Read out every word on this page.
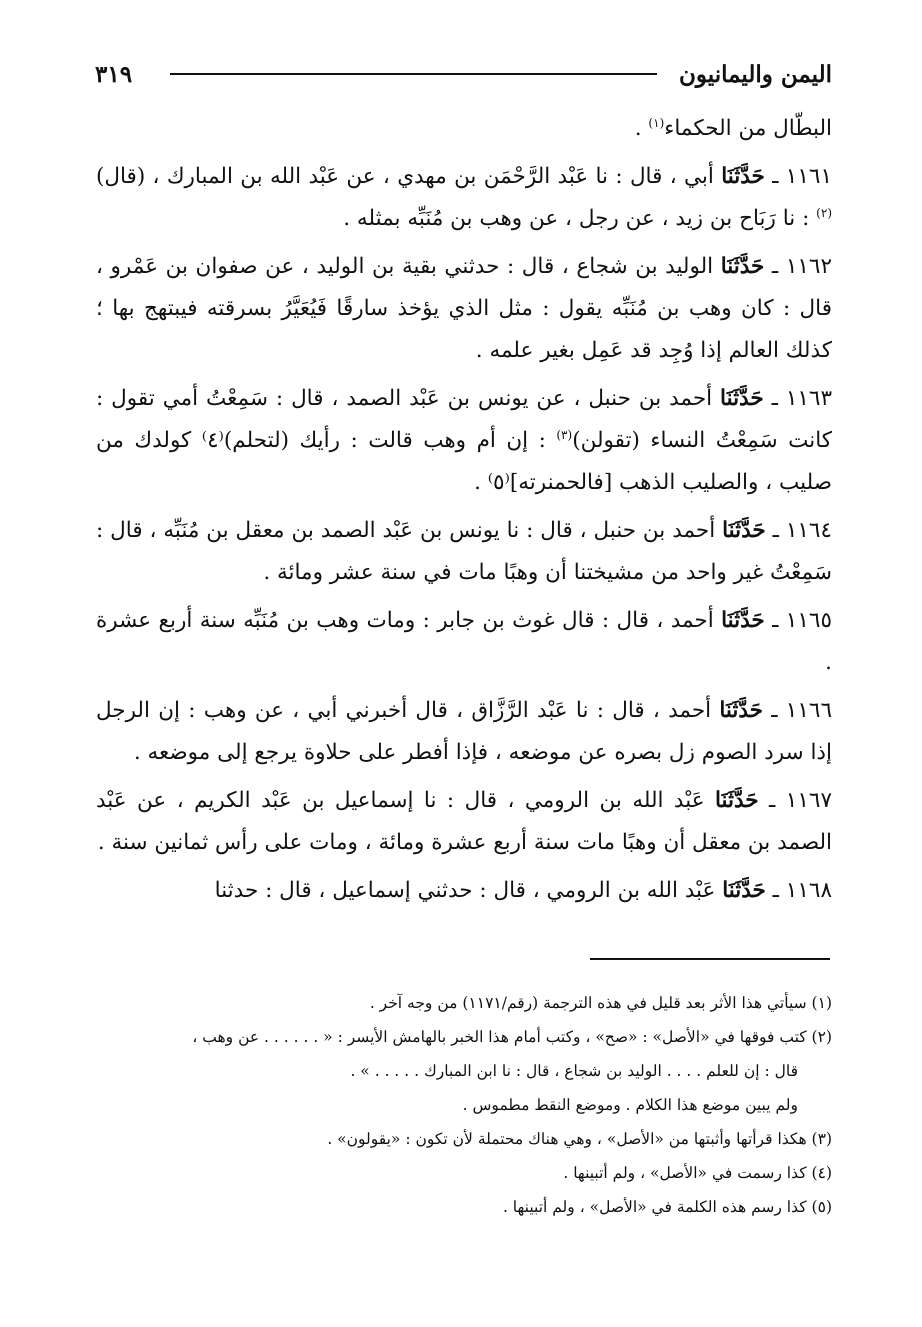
اليمن واليمانيون
٣١٩

البطّال من الحكماء$^{(١)}$ .

١١٦١ ـ حَدَّثَنَا أبي ، قال : نا عَبْد الرَّحْمَن بن مهدي ، عن عَبْد الله بن المبارك ، (قال)$^{(٢)}$ : نا رَبَاح بن زيد ، عن رجل ، عن وهب بن مُنَبِّه بمثله .

١١٦٢ ـ حَدَّثَنَا الوليد بن شجاع ، قال : حدثني بقية بن الوليد ، عن صفوان بن عَمْرو ، قال : كان وهب بن مُنَبِّه يقول : مثل الذي يؤخذ سارقًا فَيُعَيَّرُ بسرقته فيبتهج بها ؛ كذلك العالم إذا وُجِد قد عَمِل بغير علمه .

١١٦٣ ـ حَدَّثَنَا أحمد بن حنبل ، عن يونس بن عَبْد الصمد ، قال : سَمِعْتُ أمي تقول : كانت سَمِعْتُ النساء (تقولن)$^{(٣)}$ : إن أم وهب قالت : رأيك (لتحلم)⁽٤⁾ كولدك من صليب ، والصليب الذهب [فالحمنرته]⁽٥⁾ .

١١٦٤ ـ حَدَّثَنَا أحمد بن حنبل ، قال : نا يونس بن عَبْد الصمد بن معقل بن مُنَبِّه ، قال : سَمِعْتُ غير واحد من مشيختنا أن وهبًا مات في سنة عشر ومائة .

١١٦٥ ـ حَدَّثَنَا أحمد ، قال : قال غوث بن جابر : ومات وهب بن مُنَبِّه سنة أربع عشرة .

١١٦٦ ـ حَدَّثَنَا أحمد ، قال : نا عَبْد الرَّزَّاق ، قال أخبرني أبي ، عن وهب : إن الرجل إذا سرد الصوم زل بصره عن موضعه ، فإذا أفطر على حلاوة يرجع إلى موضعه .

١١٦٧ ـ حَدَّثَنَا عَبْد الله بن الرومي ، قال : نا إسماعيل بن عَبْد الكريم ، عن عَبْد الصمد بن معقل أن وهبًا مات سنة أربع عشرة ومائة ، ومات على رأس ثمانين سنة .

١١٦٨ ـ حَدَّثَنَا عَبْد الله بن الرومي ، قال : حدثني إسماعيل ، قال : حدثنا

(١) سيأتي هذا الأثر بعد قليل في هذه الترجمة (رقم/١١٧١) من وجه آخر .

(٢) كتب فوقها في «الأصل» : «صح» ، وكتب أمام هذا الخبر بالهامش الأيسر : « . . . . . . عن وهب ،

قال : إن للعلم . . . . الوليد بن شجاع ، قال : نا ابن المبارك . . . . . » .

ولم يبين موضع هذا الكلام . وموضع النقط مطموس .

(٣) هكذا قرأتها وأثبتها من «الأصل» ، وهي هناك محتملة لأن تكون : «يقولون» .

(٤) كذا رسمت في «الأصل» ، ولم أتبينها .

(٥) كذا رسم هذه الكلمة في «الأصل» ، ولم أتبينها .
